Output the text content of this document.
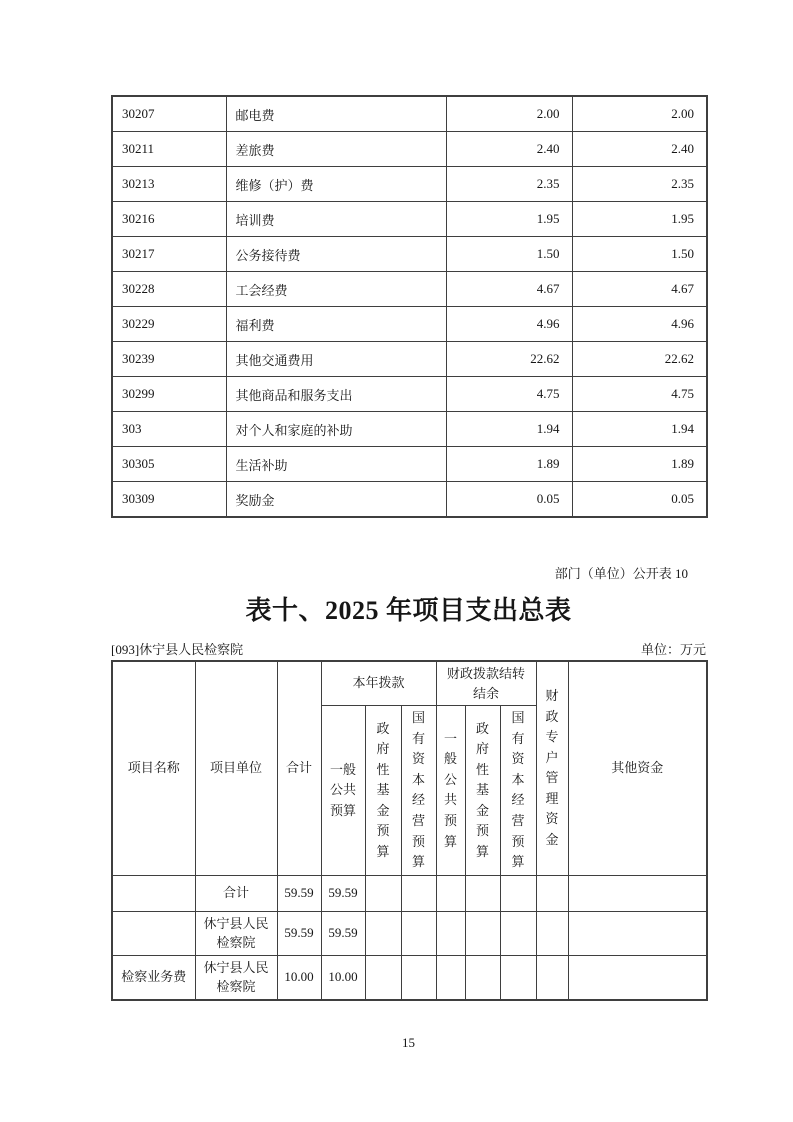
30207	邮电费	2.00	2.00
30211	差旅费	2.40	2.40
30213	维修（护）费	2.35	2.35
30216	培训费	1.95	1.95
30217	公务接待费	1.50	1.50
30228	工会经费	4.67	4.67
30229	福利费	4.96	4.96
30239	其他交通费用	22.62	22.62
30299	其他商品和服务支出	4.75	4.75
303	对个人和家庭的补助	1.94	1.94
30305	生活补助	1.89	1.89
30309	奖励金	0.05	0.05
部门（单位）公开表 10
表十、2025 年项目支出总表
[093]休宁县人民检察院	单位：万元
项目名称	项目单位	合计	本年拨款			财政拨款结转结余			财政专户管理资金	其他资金
			一般公共预算	政府性基金预算	国有资本经营预算	一般公共预算	政府性基金预算	国有资本经营预算		
	合计	59.59	59.59							
	休宁县人民检察院	59.59	59.59							
检察业务费	休宁县人民检察院	10.00	10.00							
15
